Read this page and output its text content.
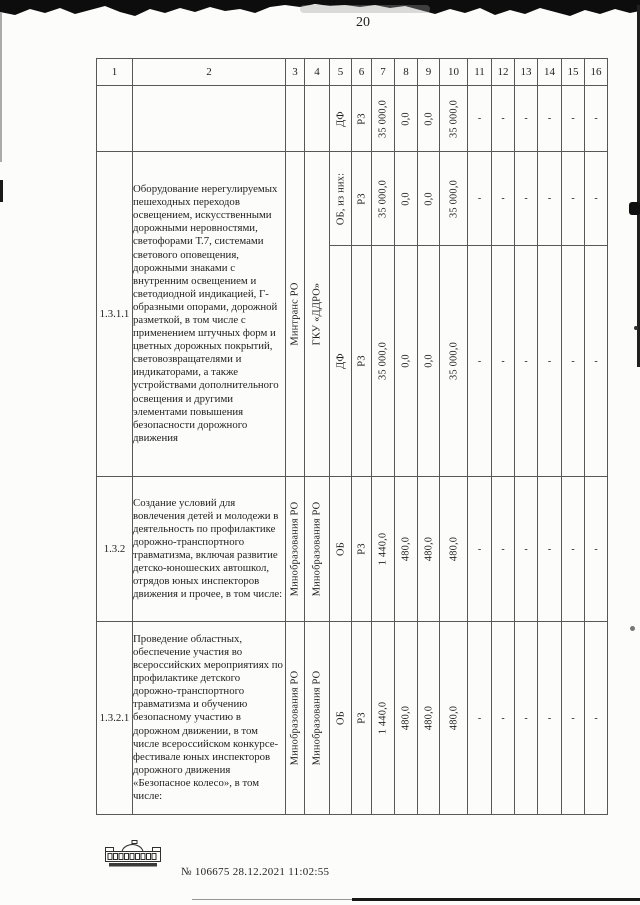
20
1	2	3	4	5	6	7	8	9	10	11	12	13	14	15	16

				ДФ	РЗ	35 000,0	0,0	0,0	35 000,0	-	-	-	-	-	-
1.3.1.1	Оборудование нерегулируемых пешеходных переходов освещением, искусственными дорожными неровностями, светофорами Т.7, системами светового оповещения, дорожными знаками с внутренним освещением и светодиодной индикацией, Г-образными опорами, дорожной разметкой, в том числе с применением штучных форм и цветных дорожных покрытий, световозвращателями и индикаторами, а также устройствами дополнительного освещения и другими элементами повышения безопасности дорожного движения	Минтранс РО	ГКУ «ДДРО»	ОБ, из них:	РЗ	35 000,0	0,0	0,0	35 000,0	-	-	-	-	-	-

				ДФ	РЗ	35 000,0	0,0	0,0	35 000,0	-	-	-	-	-	-
1.3.2	Создание условий для вовлечения детей и молодежи в деятельность по профилактике дорожно-транспортного травматизма, включая развитие детско-юношеских автошкол, отрядов юных инспекторов движения и прочее, в том числе:	Минобразования РО	Минобразования РО	ОБ	РЗ	1 440,0	480,0	480,0	480,0	-	-	-	-	-	-
1.3.2.1	Проведение областных, обеспечение участия во всероссийских мероприятиях по профилактике детского дорожно-транспортного травматизма и обучению безопасному участию в дорожном движении, в том числе всероссийском конкурсе-фестивале юных инспекторов дорожного движения «Безопасное колесо», в том числе:	Минобразования РО	Минобразования РО	ОБ	РЗ	1 440,0	480,0	480,0	480,0	-	-	-	-	-	-
№ 106675 28.12.2021 11:02:55
